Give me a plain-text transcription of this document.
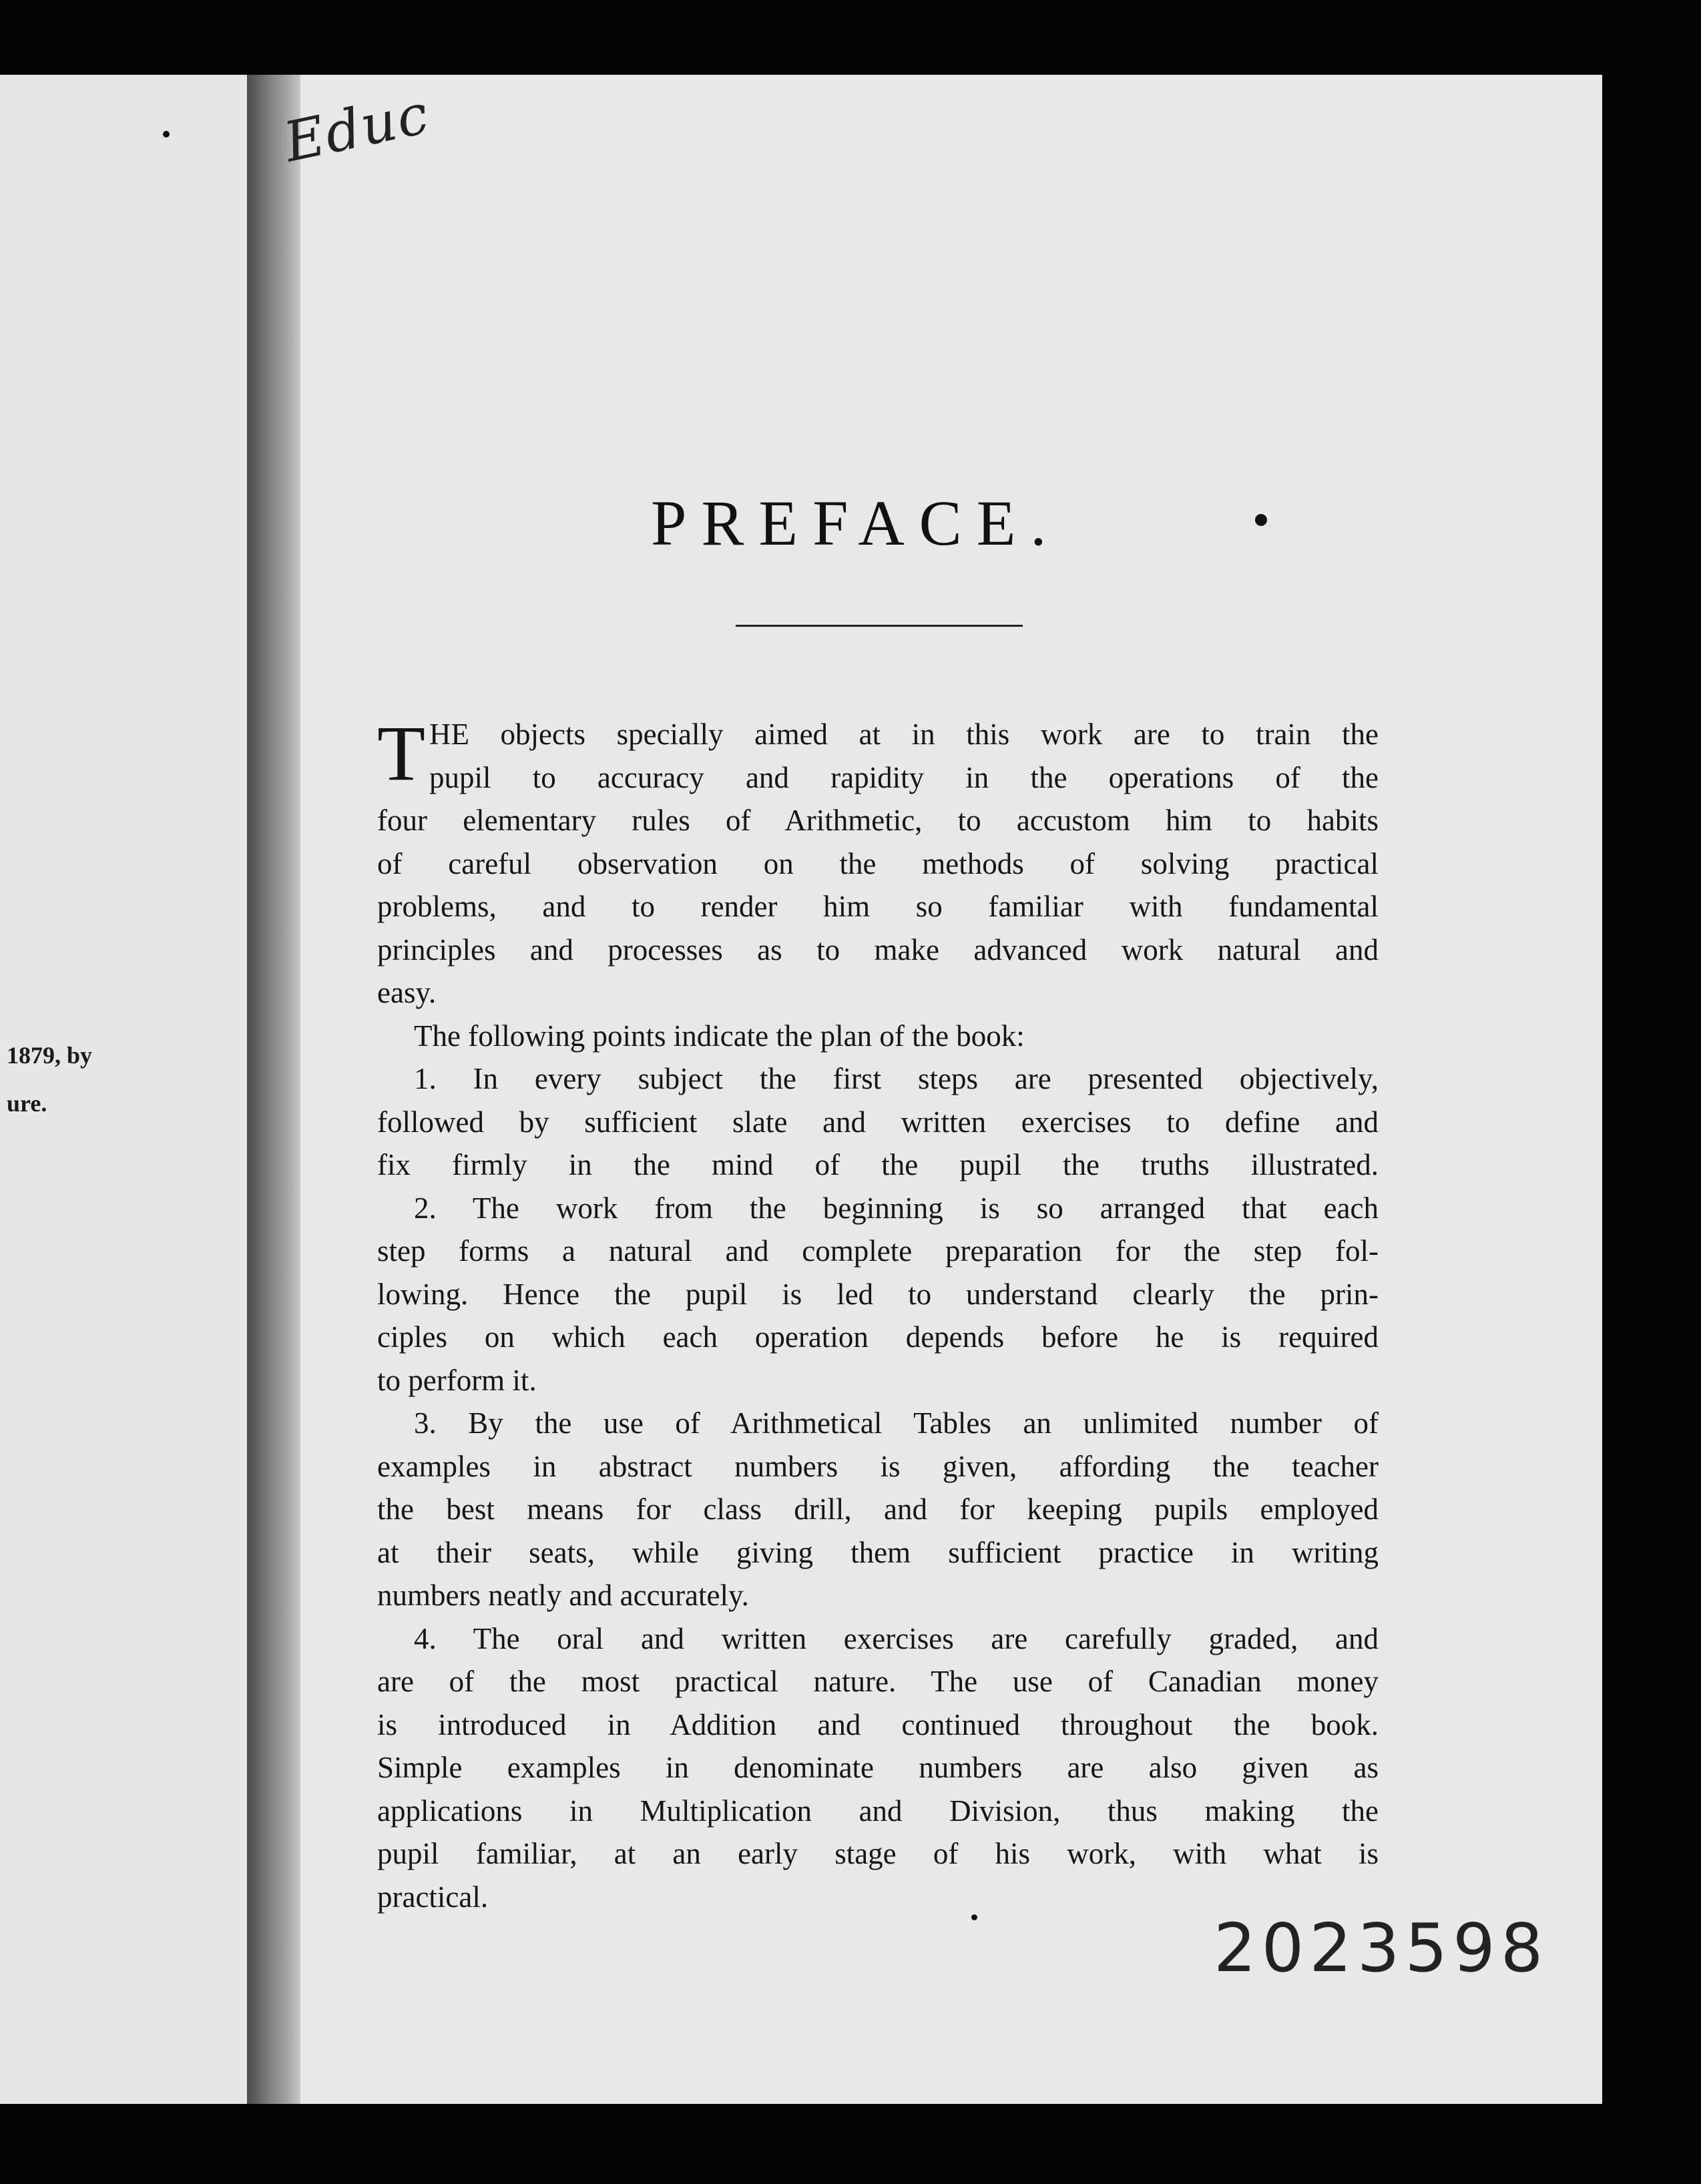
1879, by
ure.
Educ
PREFACE.
T HE objects specially aimed at in this work are to train the
pupil to accuracy and rapidity in the operations of the
four elementary rules of Arithmetic, to accustom him to habits
of careful observation on the methods of solving practical
problems, and to render him so familiar with fundamental
principles and processes as to make advanced work natural and
easy.
The following points indicate the plan of the book:
1. In every subject the first steps are presented objectively,
followed by sufficient slate and written exercises to define and
fix firmly in the mind of the pupil the truths illustrated.
2. The work from the beginning is so arranged that each
step forms a natural and complete preparation for the step fol-
lowing. Hence the pupil is led to understand clearly the prin-
ciples on which each operation depends before he is required
to perform it.
3. By the use of Arithmetical Tables an unlimited number of
examples in abstract numbers is given, affording the teacher
the best means for class drill, and for keeping pupils employed
at their seats, while giving them sufficient practice in writing
numbers neatly and accurately.
4. The oral and written exercises are carefully graded, and
are of the most practical nature. The use of Canadian money
is introduced in Addition and continued throughout the book.
Simple examples in denominate numbers are also given as
applications in Multiplication and Division, thus making the
pupil familiar, at an early stage of his work, with what is
practical.
2023598
